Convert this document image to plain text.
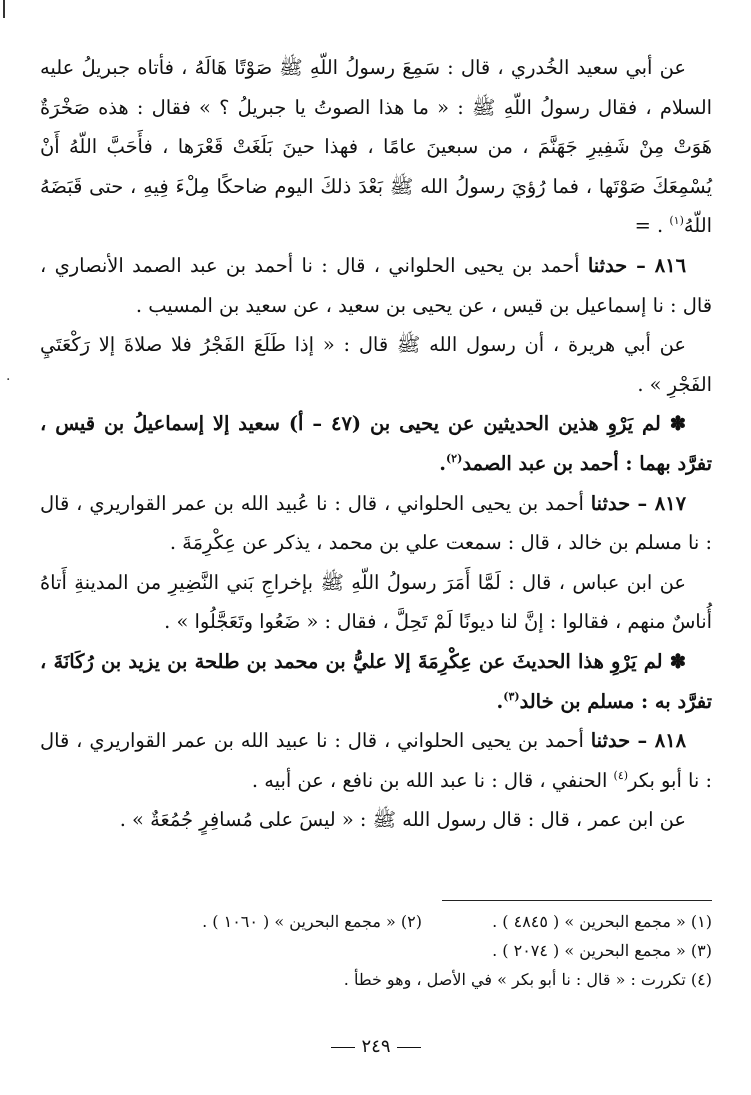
·

عن أبي سعيد الخُدري ، قال : سَمِعَ رسولُ اللّهِ ﷺ صَوْتًا هَالَهُ ، فأتاه جبريلُ عليه السلام ، فقال رسولُ اللّهِ ﷺ : « ما هذا الصوتُ يا جبريلُ ؟ » فقال : هذه صَخْرَةٌ هَوَتْ مِنْ شَفِيرِ جَهَنَّمَ ، من سبعينَ عامًا ، فهذا حينَ بَلَغَتْ قَعْرَها ، فأَحَبَّ اللّهُ أَنْ يُسْمِعَكَ صَوْتَها ، فما رُؤيَ رسولُ الله ﷺ بَعْدَ ذلكَ اليوم ضاحكًا مِلْءَ فِيهِ ، حتى قَبَضَهُ اللّهُ$^{(١)}$ . =

٨١٦ – حدثنا أحمد بن يحيى الحلواني ، قال : نا أحمد بن عبد الصمد الأنصاري ، قال : نا إسماعيل بن قيس ، عن يحيى بن سعيد ، عن سعيد بن المسيب .

عن أبي هريرة ، أن رسول الله ﷺ قال : « إذا طَلَعَ الفَجْرُ فلا صلاةَ إلا رَكْعَتَيِ الفَجْرِ » .

✽ لم يَرْوِ هذين الحديثين عن يحيى بن (٤٧ – أ) سعيد إلا إسماعيلُ بن قيس ، تفرَّد بهما : أحمد بن عبد الصمد$^{(٢)}$.

٨١٧ – حدثنا أحمد بن يحيى الحلواني ، قال : نا عُبيد الله بن عمر القواريري ، قال : نا مسلم بن خالد ، قال : سمعت علي بن محمد ، يذكر عن عِكْرِمَةَ .

عن ابن عباس ، قال : لَمَّا أَمَرَ رسولُ اللّهِ ﷺ بإخراجِ بَني النَّضِيرِ من المدينةِ أَتاهُ أُناسٌ منهم ، فقالوا : إنَّ لنا ديونًا لَمْ تَحِلَّ ، فقال : « ضَعُوا وتَعَجَّلُوا » .

✽ لم يَرْوِ هذا الحديثَ عن عِكْرِمَةَ إلا عليُّ بن محمد بن طلحة بن يزيد بن رُكَانَةَ ، تفرَّد به : مسلم بن خالد$^{(٣)}$.

٨١٨ – حدثنا أحمد بن يحيى الحلواني ، قال : نا عبيد الله بن عمر القواريري ، قال : نا أبو بكر$^{(٤)}$ الحنفي ، قال : نا عبد الله بن نافع ، عن أبيه .

عن ابن عمر ، قال : قال رسول الله ﷺ : « ليسَ على مُسافِرٍ جُمُعَةٌ » .

(١) « مجمع البحرين » ( ٤٨٤٥ ) .
(٢) « مجمع البحرين » ( ١٠٦٠ ) .
(٣) « مجمع البحرين » ( ٢٠٧٤ ) .
(٤) تكررت : « قال : نا أبو بكر » في الأصل ، وهو خطأ .
٢٤٩
